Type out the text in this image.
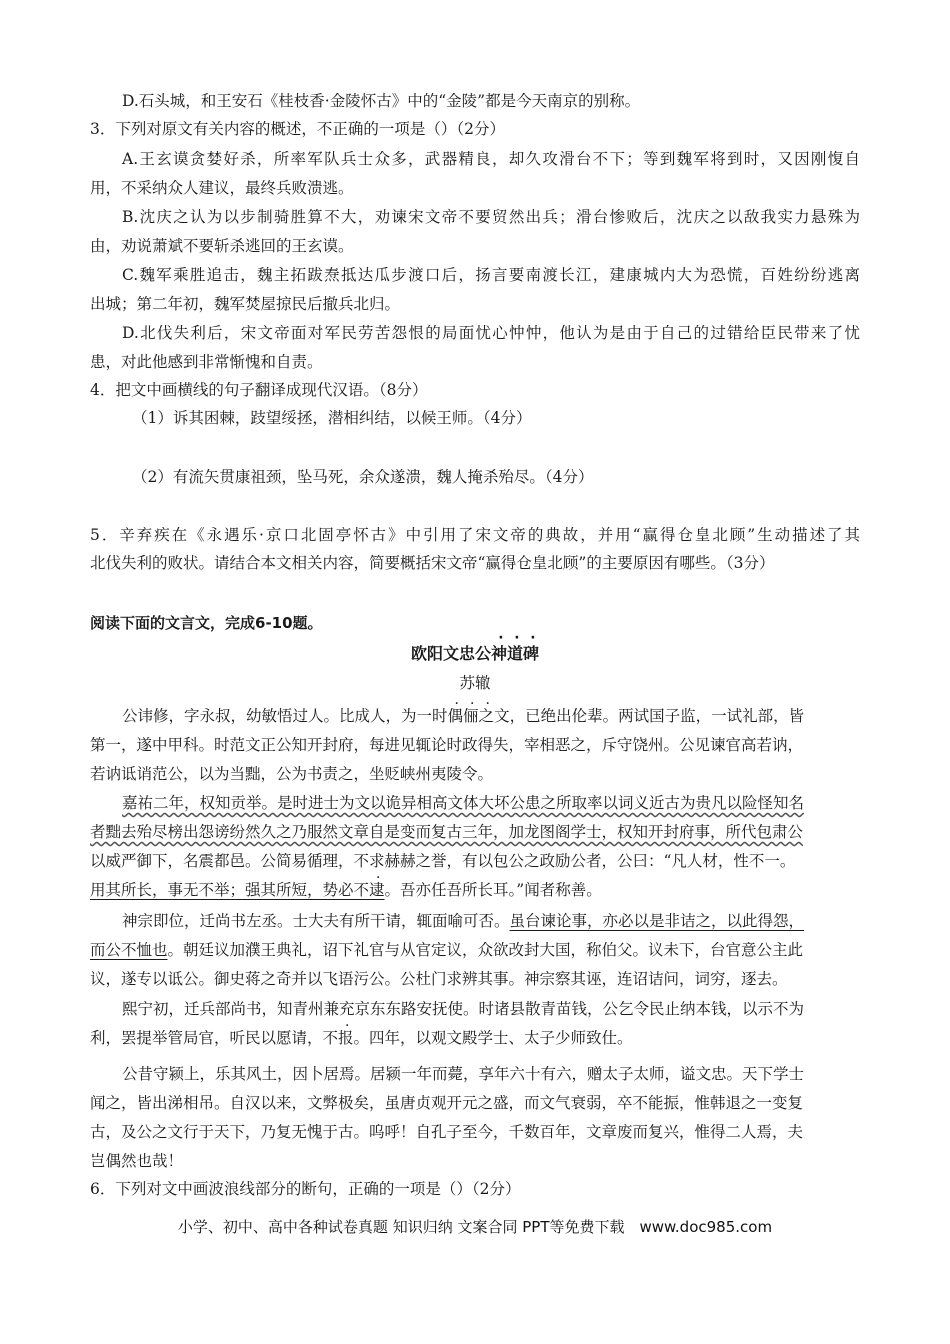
D.石头城，和王安石《桂枝香·金陵怀古》中的“金陵”都是今天南京的别称。
3．下列对原文有关内容的概述，不正确的一项是（）（2分）
A.王玄谟贪婪好杀，所率军队兵士众多，武器精良，却久攻滑台不下；等到魏军将到时，又因刚愎自
用，不采纳众人建议，最终兵败溃逃。
B.沈庆之认为以步制骑胜算不大，劝谏宋文帝不要贸然出兵；滑台惨败后，沈庆之以敌我实力悬殊为
由，劝说萧斌不要斩杀逃回的王玄谟。
C.魏军乘胜追击，魏主拓跋焘抵达瓜步渡口后，扬言要南渡长江，建康城内大为恐慌，百姓纷纷逃离
出城；第二年初，魏军焚屋掠民后撤兵北归。
D.北伐失利后，宋文帝面对军民劳苦怨恨的局面忧心忡忡，他认为是由于自己的过错给臣民带来了忧
患，对此他感到非常惭愧和自责。
4．把文中画横线的句子翻译成现代汉语。（8分）
（1）诉其困棘，跂望绥拯，潜相纠结，以候王师。（4分）
（2）有流矢贯康祖颈，坠马死，余众遂溃，魏人掩杀殆尽。（4分）
5．辛弃疾在《永遇乐·京口北固亭怀古》中引用了宋文帝的典故，并用“赢得仓皇北顾”生动描述了其
北伐失利的败状。请结合本文相关内容，简要概括宋文帝“赢得仓皇北顾”的主要原因有哪些。（3分）
阅读下面的文言文，完成6-10题。
欧阳文忠公神道碑
苏辙
公讳修，字永叔，幼敏悟过人。比成人，为一时偶俪之文，已绝出伦辈。两试国子监，一试礼部，皆
第一，遂中甲科。时范文正公知开封府，每进见辄论时政得失，宰相恶之，斥守饶州。公见谏官高若讷，
若讷诋诮范公，以为当黜，公为书责之，坐贬峡州夷陵令。
嘉祐二年，权知贡举。是时进士为文以诡异相高文体大坏公患之所取率以词义近古为贵凡以险怪知名
者黜去殆尽榜出怨谤纷然久之乃服然文章自是变而复古三年，加龙图阁学士，权知开封府事，所代包肃公
以威严御下，名震都邑。公简易循理，不求赫赫之誉，有以包公之政励公者，公曰：“凡人材，性不一。
用其所长，事无不举；强其所短，势必不逮。吾亦任吾所长耳。”闻者称善。
神宗即位，迁尚书左丞。士大夫有所干请，辄面喻可否。虽台谏论事，亦必以是非诘之，以此得怨，
而公不恤也。朝廷议加濮王典礼，诏下礼官与从官定议，众欲改封大国，称伯父。议未下，台官意公主此
议，遂专以诋公。御史蒋之奇并以飞语污公。公杜门求辨其事。神宗察其诬，连诏诘问，词穷，逐去。
熙宁初，迁兵部尚书，知青州兼充京东东路安抚使。时诸县散青苗钱，公乞令民止纳本钱，以示不为
利，罢提举管局官，听民以愿请，不报。四年，以观文殿学士、太子少师致仕。
公昔守颍上，乐其风土，因卜居焉。居颍一年而薨，享年六十有六，赠太子太师，谥文忠。天下学士
闻之，皆出涕相吊。自汉以来，文弊极矣，虽唐贞观开元之盛，而文气衰弱，卒不能振，惟韩退之一变复
古，及公之文行于天下，乃复无愧于古。呜呼！自孔子至今，千数百年，文章废而复兴，惟得二人焉，夫
岂偶然也哉！
6．下列对文中画波浪线部分的断句，正确的一项是（）（2分）
小学、初中、高中各种试卷真题 知识归纳 文案合同 PPT等免费下载　www.doc985.com
